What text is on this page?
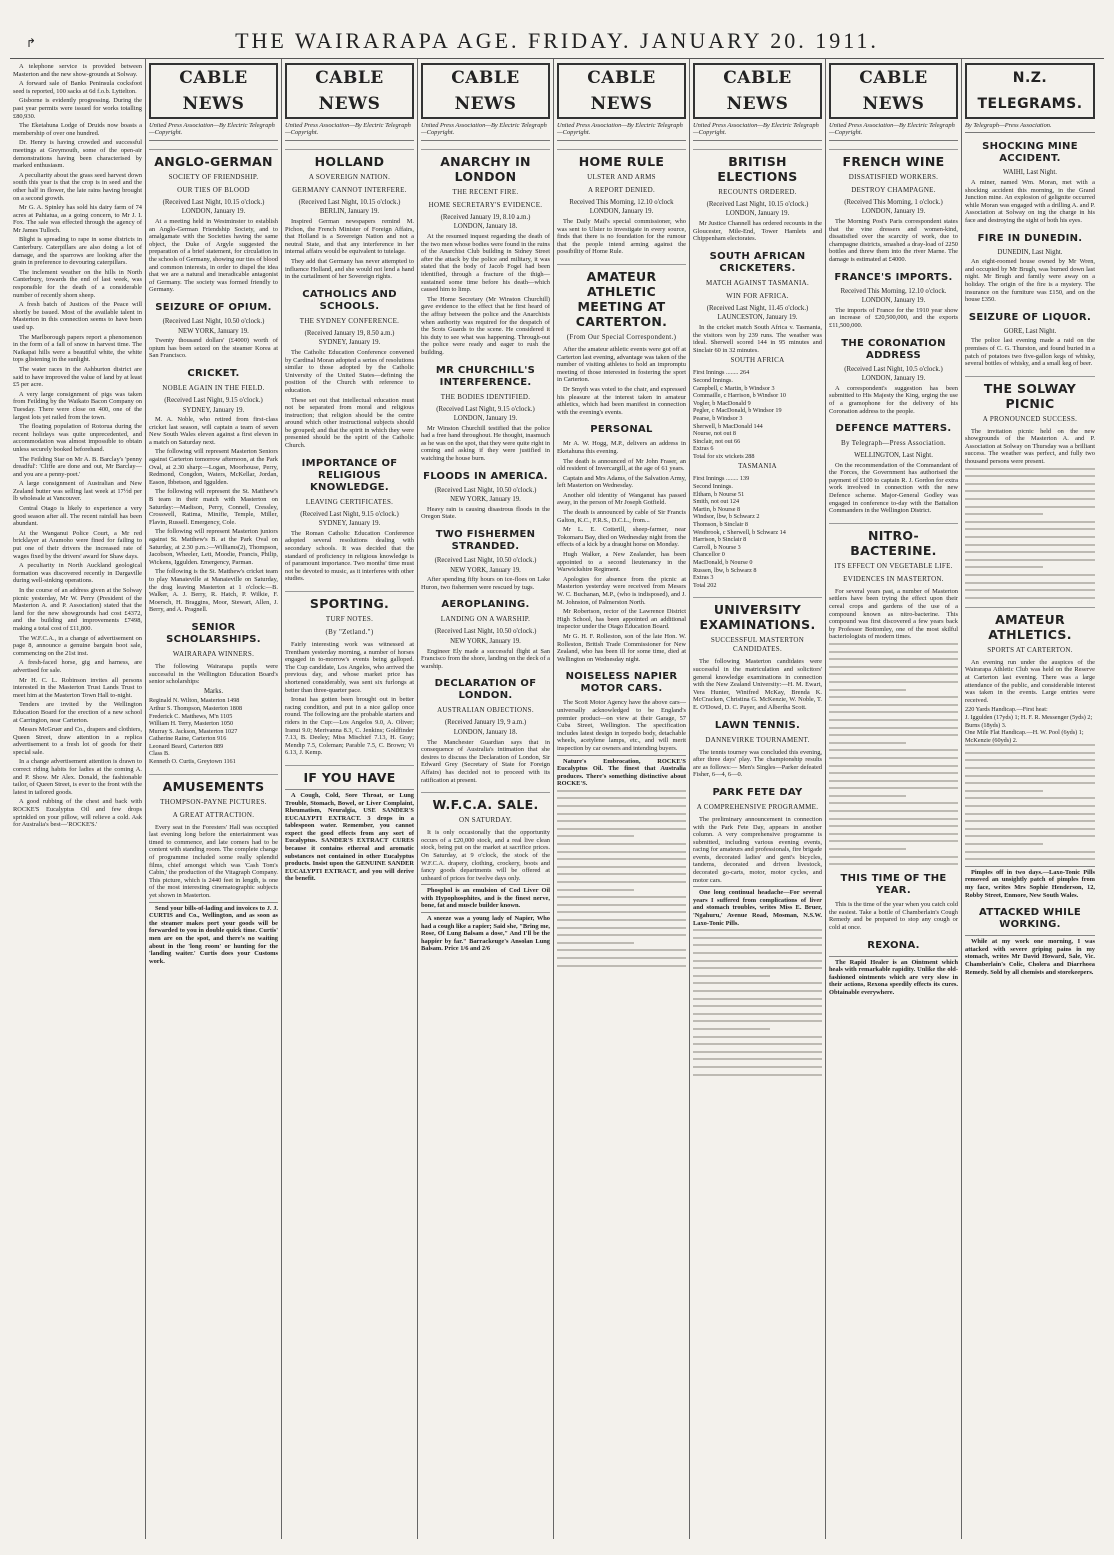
↱	THE WAIRARAPA AGE. FRIDAY. JANUARY 20. 1911.

A telephone service is provided between Masterton and the new show-grounds at Solway.

A forward sale of Banks Peninsula cocksfoot seed is reported, 100 sacks at 6d f.o.b. Lyttelton.

Gisborne is evidently progressing. During the past year permits were issued for works totalling £80,930.

The Eketahuna Lodge of Druids now boasts a membership of over one hundred.

Dr. Henry is having crowded and successful meetings at Greymouth, some of the open-air demonstrations having been characterised by marked enthusiasm.

A peculiarity about the grass seed harvest down south this year is that the crop is in seed and the other half in flower, the late rains having brought on a second growth.

Mr G. A. Spinley has sold his dairy farm of 74 acres at Pahiatua, as a going concern, to Mr J. I. Fox. The sale was effected through the agency of Mr James Tulloch.

Blight is spreading to rape in some districts in Canterbury. Caterpillars are also doing a lot of damage, and the sparrows are looking after the grain in preference to devouring caterpillars.

The inclement weather on the hills in North Canterbury, towards the end of last week, was responsible for the death of a considerable number of recently shorn sheep.

A fresh batch of Justices of the Peace will shortly be issued. Most of the available talent in Masterton in this connection seems to have been used up.

The Marlborough papers report a phenomenon in the form of a fall of snow in harvest time. The Naikapai hills were a beautiful white, the white tops glistening in the sunlight.

The water races in the Ashburton district are said to have improved the value of land by at least £5 per acre.

A very large consignment of pigs was taken from Feilding by the Waikato Bacon Company on Tuesday. There were close on 400, one of the largest lots yet railed from the town.

The floating population of Rotorua during the recent holidays was quite unprecedented, and accommodation was almost impossible to obtain unless securely booked beforehand.

The Feilding Star on Mr A. B. Barclay's 'penny dreadful': 'Cliffe are done and out, Mr Barclay—and you are a penny-poet.'

A large consignment of Australian and New Zealand butter was selling last week at 17½d per lb wholesale at Vancouver.

Central Otago is likely to experience a very good season after all. The recent rainfall has been abundant.

At the Wanganui Police Court, a Mr red bricklayer at Aramoho were fined for failing to put one of their drivers the increased rate of wages fixed by the drivers' award for Shaw days.

A peculiarity in North Auckland geological formation was discovered recently in Dargaville during well-sinking operations.

In the course of an address given at the Solway picnic yesterday, Mr W. Perry (President of the Masterton A. and P. Association) stated that the land for the new showgrounds had cost £4372, and the building and improvements £7498, making a total cost of £11,800.

The W.F.C.A., in a change of advertisement on page 8, announce a genuine bargain boot sale, commencing on the 21st inst.

A fresh-faced horse, gig and harness, are advertised for sale.

Mr H. C. L. Robinson invites all persons interested in the Masterton Trust Lands Trust to meet him at the Masterton Town Hall to-night.

Tenders are invited by the Wellington Education Board for the erection of a new school at Carrington, near Carterton.

Messrs McGruer and Co., drapers and clothiers, Queen Street, draw attention in a replica advertisement to a fresh lot of goods for their special sale.

In a change advertisement attention is drawn to correct riding habits for ladies at the coming A. and P. Show. Mr Alex. Donald, the fashionable tailor, of Queen Street, is ever to the front with the latest in tailored goods.

A good rubbing of the chest and back with ROCKE'S Eucalyptus Oil and few drops sprinkled on your pillow, will relieve a cold. Ask for Australia's best—'ROCKE'S.'

CABLE NEWS
United Press Association—By Electric Telegraph—Copyright.
ANGLO-GERMAN
SOCIETY OF FRIENDSHIP.
OUR TIES OF BLOOD
(Received Last Night, 10.15 o'clock.)
LONDON, January 19.

At a meeting held in Westminster to establish an Anglo-German Friendship Society, and to amalgamate with the Societies having the same object, the Duke of Argyle suggested the preparation of a brief statement, for circulation in the schools of Germany, showing our ties of blood and common interests, in order to dispel the idea that we are a natural and ineradicable antagonist of Germany. The society was formed friendly to Germany.

SEIZURE OF OPIUM.
(Received Last Night, 10.50 o'clock.)
NEW YORK, January 19.

Twenty thousand dollars' (£4000) worth of opium has been seized on the steamer Korea at San Francisco.

CRICKET.
NOBLE AGAIN IN THE FIELD.
(Received Last Night, 9.15 o'clock.)
SYDNEY, January 19.

M. A. Noble, who retired from first-class cricket last season, will captain a team of seven New South Wales eleven against a first eleven in a match on Saturday next.

The following will represent Masterton Seniors against Carterton tomorrow afternoon, at the Park Oval, at 2.30 sharp:—Logan, Moorhouse, Perry, Redmond, Congdon, Waters, McKellar, Jordan, Eason, Ibbetson, and Iggulden.

The following will represent the St. Matthew's B team in their match with Masterton on Saturday:—Madison, Perry, Connell, Cressley, Crosswell, Ratima, Minifie, Temple, Miller, Flavin, Russell. Emergency, Cole.

The following will represent Masterton juniors against St. Matthew's B. at the Park Oval on Saturday, at 2.30 p.m.:—Williams(2), Thompson, Jacobson, Wheeler, Lett, Moodie, Francis, Philip, Wickens, Iggulden. Emergency, Parman.

The following is the St. Matthew's cricket team to play Manaieville at Manaieville on Saturday, the drag leaving Masterton at 1 o'clock:—B. Walker, A. J. Berry, R. Hatch, P. Wilkie, F. Moersch, H. Braggins, Moor, Stewart, Allen, J. Berry, and A. Pragnell.

SENIOR SCHOLARSHIPS.
WAIRARAPA WINNERS.

The following Wairarapa pupils were successful in the Wellington Education Board's senior scholarships:

Marks.
Reginald N. Wilton, Masterton 1498
Arthur S. Thompson, Masterton 1808
Frederick C. Matthews, M'n 1105
William H. Terry, Masterton 1050
Murray S. Jackson, Masterton 1027
Catherine Raine, Carterton 916
Leonard Beard, Carterton 889
Class B.
Kenneth O. Curtis, Greytown 1161
AMUSEMENTS
THOMPSON-PAYNE PICTURES.
A GREAT ATTRACTION.

Every seat in the Foresters' Hall was occupied last evening long before the entertainment was timed to commence, and late comers had to be content with standing room. The complete change of programme included some really splendid films, chief amongst which was 'Cash Tom's Cabin,' the production of the Vitagraph Company. This picture, which is 2440 feet in length, is one of the most interesting cinematographic subjects yet shown in Masterton.

Send your bills-of-lading and invoices to J. J. CURTIS and Co., Wellington, and as soon as the steamer makes port your goods will be forwarded to you in double quick time. Curtis' men are on the spot, and there's no waiting about in the 'long room' or hunting for the 'landing waiter.' Curtis does your Customs work.

CABLE NEWS
United Press Association—By Electric Telegraph—Copyright.
HOLLAND
A SOVEREIGN NATION.
GERMANY CANNOT INTERFERE.
(Received Last Night, 10.15 o'clock.)
BERLIN, January 19.

Inspired German newspapers remind M. Pichon, the French Minister of Foreign Affairs, that Holland is a Sovereign Nation and not a neutral State, and that any interference in her internal affairs would be equivalent to tutelage.

They add that Germany has never attempted to influence Holland, and she would not lend a hand in the curtailment of her Sovereign rights.

CATHOLICS AND SCHOOLS.
THE SYDNEY CONFERENCE.
(Received January 19, 8.50 a.m.)
SYDNEY, January 19.

The Catholic Education Conference convened by Cardinal Moran adopted a series of resolutions similar to those adopted by the Catholic University of the United States—defining the position of the Church with reference to education.

These set out that intellectual education must not be separated from moral and religious instruction; that religion should be the centre around which other instructional subjects should be grouped; and that the spirit in which they were presented should be the spirit of the Catholic Church.

IMPORTANCE OF RELIGIOUS KNOWLEDGE.
LEAVING CERTIFICATES.
(Received Last Night, 9.15 o'clock.)
SYDNEY, January 19.

The Roman Catholic Education Conference adopted several resolutions dealing with secondary schools. It was decided that the standard of proficiency in religious knowledge is of paramount importance. Two months' time must not be devoted to music, as it interferes with other studies.

SPORTING.
TURF NOTES.
(By "Zetland.")

Fairly interesting work was witnessed at Trentham yesterday morning, a number of horses engaged in to-morrow's events being galloped. The Cup candidate, Los Angelos, who arrived the previous day, and whose market price has shortened considerably, was sent six furlongs at better than three-quarter pace.

Ironai has gotten been brought out in better racing condition, and put in a nice gallop once round. The following are the probable starters and riders in the Cup:—Los Angelos 9.0, A. Oliver; Iranui 9.0; Merivanna 8.3, C. Jenkins; Goldfinder 7.13, B. Deeley; Miss Mischief 7.13, H. Gray; Mendip 7.5, Coleman; Parable 7.5, C. Brown; Vi 6.13, J. Kemp.

IF YOU HAVE

A Cough, Cold, Sore Throat, or Lung Trouble, Stomach, Bowel, or Liver Complaint, Rheumatism, Neuralgia, USE SANDER'S EUCALYPTI EXTRACT. 3 drops in a tablespoon water. Remember, you cannot expect the good effects from any sort of Eucalyptus. SANDER'S EXTRACT CURES because it contains ethereal and aromatic substances not contained in other Eucalyptus products. Insist upon the GENUINE SANDER EUCALYPTI EXTRACT, and you will derive the benefit.

CABLE NEWS
United Press Association—By Electric Telegraph—Copyright.
ANARCHY IN LONDON
THE RECENT FIRE.
HOME SECRETARY'S EVIDENCE.
(Received January 19, 8.10 a.m.)
LONDON, January 18.

At the resumed inquest regarding the death of the two men whose bodies were found in the ruins of the Anarchist Club building in Sidney Street after the attack by the police and military, it was stated that the body of Jacob Fogel had been identified, through a fracture of the thigh—sustained some time before his death—which caused him to limp.

The Home Secretary (Mr Winston Churchill) gave evidence to the effect that he first heard of the affray between the police and the Anarchists when authority was required for the despatch of the Scots Guards to the scene. He considered it his duty to see what was happening. Through-out the police were ready and eager to rush the building.

MR CHURCHILL'S INTERFERENCE.
THE BODIES IDENTIFIED.
(Received Last Night, 9.15 o'clock.)
LONDON, January 19.

Mr Winston Churchill testified that the police had a free hand throughout. He thought, inasmuch as he was on the spot, that they were quite right in coming and asking if they were justified in watching the house burn.

FLOODS IN AMERICA.
(Received Last Night, 10.50 o'clock.)
NEW YORK, January 19.

Heavy rain is causing disastrous floods in the Oregon State.

TWO FISHERMEN STRANDED.
(Received Last Night, 10.50 o'clock.)
NEW YORK, January 19.

After spending fifty hours on ice-floes on Lake Huron, two fishermen were rescued by tugs.

AEROPLANING.
LANDING ON A WARSHIP.
(Received Last Night, 10.50 o'clock.)
NEW YORK, January 19.

Engineer Ely made a successful flight at San Francisco from the shore, landing on the deck of a warship.

DECLARATION OF LONDON.
AUSTRALIAN OBJECTIONS.
(Received January 19, 9 a.m.)
LONDON, January 18.

The Manchester Guardian says that in consequence of Australia's intimation that she desires to discuss the Declaration of London, Sir Edward Grey (Secretary of State for Foreign Affairs) has decided not to proceed with its ratification at present.

W.F.C.A. SALE.
ON SATURDAY.

It is only occasionally that the opportunity occurs of a £20,000 stock, and a real live clean stock, being put on the market at sacrifice prices. On Saturday, at 9 o'clock, the stock of the W.F.C.A. drapery, clothing, crockery, boots and fancy goods departments will be offered at unheard of prices for twelve days only.

Phosphol is an emulsion of Cod Liver Oil with Hypophosphites, and is the finest nerve, bone, fat and muscle builder known.

A sneeze was a young lady of Napier, Who had a cough like a rapier; Said she, "Bring me, Rose, Of Lung Balsam a dose," And I'll be the happier by far." Barrackeuge's Ansolan Lung Balsam. Price 1/6 and 2/6

CABLE NEWS
United Press Association—By Electric Telegraph—Copyright.
HOME RULE
ULSTER AND ARMS
A REPORT DENIED.
Received This Morning, 12.10 o'clock
LONDON, January 19.

The Daily Mail's special commissioner, who was sent to Ulster to investigate in every source, finds that there is no foundation for the rumour that the people intend arming against the possibility of Home Rule.

AMATEUR ATHLETIC MEETING AT CARTERTON.
(From Our Special Correspondent.)

After the amateur athletic events were got off at Carterton last evening, advantage was taken of the number of visiting athletes to hold an impromptu meeting of those interested in fostering the sport in Carterton.

Dr Smyth was voted to the chair, and expressed his pleasure at the interest taken in amateur athletics, which had been manifest in connection with the evening's events.

PERSONAL

Mr A. W. Hogg, M.P., delivers an address in Eketahuna this evening.

The death is announced of Mr John Fraser, an old resident of Invercargill, at the age of 61 years.

Captain and Mrs Adams, of the Salvation Army, left Masterton on Wednesday.

Another old identity of Wanganui has passed away, in the person of Mr Joseph Gotfield.

The death is announced by cable of Sir Francis Galton, K.C., F.R.S., D.C.L., from...

Mr L. E. Cotterill, sheep-farmer, near Tokomaru Bay, died on Wednesday night from the effects of a kick by a draught horse on Monday.

Hugh Walker, a New Zealander, has been appointed to a second lieutenancy in the Warwickshire Regiment.

Apologies for absence from the picnic at Masterton yesterday were received from Messrs W. C. Buchanan, M.P., (who is indisposed), and J. M. Johnston, of Palmerston North.

Mr Robertson, rector of the Lawrence District High School, has been appointed an additional inspector under the Otago Education Board.

Mr G. H. F. Rolleston, son of the late Hon. W. Rolleston, British Trade Commissioner for New Zealand, who has been ill for some time, died at Wellington on Wednesday night.

NOISELESS NAPIER MOTOR CARS.

The Scott Motor Agency have the above cars—universally acknowledged to be England's premier product—on view at their Garage, 57 Cuba Street, Wellington. The specification includes latest design in torpedo body, detachable wheels, acetylene lamps, etc., and will merit inspection by car owners and intending buyers.

Nature's Embrocation, ROCKE'S Eucalyptus Oil. The finest that Australia produces. There's something distinctive about ROCKE'S.

CABLE NEWS
United Press Association—By Electric Telegraph—Copyright.
BRITISH ELECTIONS
RECOUNTS ORDERED.
(Received Last Night, 10.15 o'clock.)
LONDON, January 19.

Mr Justice Channell has ordered recounts in the Gloucester, Mile-End, Tower Hamlets and Chippenham electorates.

SOUTH AFRICAN CRICKETERS.
MATCH AGAINST TASMANIA.
WIN FOR AFRICA.
(Received Last Night, 11.45 o'clock.)
LAUNCESTON, January 19.

In the cricket match South Africa v. Tasmania, the visitors won by 239 runs. The weather was ideal. Sherwell scored 144 in 95 minutes and Sinclair 60 in 32 minutes.

SOUTH AFRICA
First Innings ........ 264
Second Innings.
Campbell, c Martin, b Windsor 3
Commaille, c Harrison, b Windsor 10
Vogler, b MacDonald 9
Pegler, c MacDonald, b Windsor 19
Pearse, b Windsor 3
Sherwell, b MacDonald 144
Nourse, not out 8
Sinclair, not out 66
Extras 6
Total for six wickets 288
TASMANIA
First Innings ........ 139
Second Innings.
Eltham, b Nourse 51
Smith, not out 124
Martin, b Nourse 8
Windsor, lbw, b Schwarz 2
Thomson, b Sinclair 8
Westbrook, c Sherwell, b Schwarz 14
Harrison, b Sinclair 8
Carroll, b Nourse 3
Chancellor 0
MacDonald, b Nourse 0
Russen, lbw, b Schwarz 8
Extras 3
Total 202
UNIVERSITY EXAMINATIONS.
SUCCESSFUL MASTERTON CANDIDATES.

The following Masterton candidates were successful in the matriculation and solicitors' general knowledge examinations in connection with the New Zealand University:—H. M. Ewart, Vera Hunter, Winifred McKay, Brenda K. McCracken, Christina G. McKenzie, W. Noble, T. E. O'Dowd, D. C. Payer, and Albertha Scott.

LAWN TENNIS.
DANNEVIRKE TOURNAMENT.

The tennis tourney was concluded this evening, after three days' play. The championship results are as follows:— Men's Singles—Parker defeated Fisher, 6—4, 6—0.

PARK FETE DAY
A COMPREHENSIVE PROGRAMME.

The preliminary announcement in connection with the Park Fete Day, appears in another column. A very comprehensive programme is submitted, including various evening events, racing for amateurs and professionals, fire brigade events, decorated ladies' and gent's bicycles, tandems, decorated and driven livestock, decorated go-carts, motor, motor cycles, and motor cars.

One long continual headache—For several years I suffered from complications of liver and stomach troubles, writes Miss E. Bruer, 'Ngahuru,' Avenue Road, Mosman, N.S.W. Laxo-Tonic Pills.

CABLE NEWS
United Press Association—By Electric Telegraph—Copyright.
FRENCH WINE
DISSATISFIED WORKERS.
DESTROY CHAMPAGNE.
(Received This Morning, 1 o'clock.)
LONDON, January 19.

The Morning Post's Paris correspondent states that the vine dressers and women-kind, dissatisfied over the scarcity of work, due to champagne districts, smashed a dray-load of 2250 bottles and threw them into the river Marne. The damage is estimated at £4000.

FRANCE'S IMPORTS.
Received This Morning, 12.10 o'clock.
LONDON, January 19.

The imports of France for the 1910 year show an increase of £20,500,000, and the exports £11,500,000.

THE CORONATION ADDRESS
(Received Last Night, 10.5 o'clock.)
LONDON, January 19.

A correspondent's suggestion has been submitted to His Majesty the King, urging the use of a gramophone for the delivery of his Coronation address to the people.

DEFENCE MATTERS.
By Telegraph—Press Association.
WELLINGTON, Last Night.

On the recommendation of the Commandant of the Forces, the Government has authorised the payment of £100 to captain R. J. Gordon for extra work involved in connection with the new Defence scheme. Major-General Godley was engaged in conference to-day with the Battalion Commanders in the Wellington District.

NITRO-BACTERINE.
ITS EFFECT ON VEGETABLE LIFE.
EVIDENCES IN MASTERTON.

For several years past, a number of Masterton settlers have been trying the effect upon their cereal crops and gardens of the use of a compound known as nitro-bacterine. This compound was first discovered a few years back by Professor Bottomley, one of the most skilful bacteriologists of modern times.

THIS TIME OF THE YEAR.

This is the time of the year when you catch cold the easiest. Take a bottle of Chamberlain's Cough Remedy and be prepared to stop any cough or cold at once.

REXONA.

The Rapid Healer is an Ointment which heals with remarkable rapidity. Unlike the old-fashioned ointments which are very slow in their actions, Rexona speedily effects its cures. Obtainable everywhere.

N.Z. TELEGRAMS.
By Telegraph—Press Association.
SHOCKING MINE ACCIDENT.
WAIHI, Last Night.

A miner, named Wm. Moran, met with a shocking accident this morning, in the Grand Junction mine. An explosion of gelignite occurred while Moran was engaged with a drilling A. and P. Association at Solway on ing the charge in his face and destroying the sight of both his eyes.

FIRE IN DUNEDIN.
DUNEDIN, Last Night.

An eight-roomed house owned by Mr Wren, and occupied by Mr Brugh, was burned down last night. Mr Brugh and family were away on a holiday. The origin of the fire is a mystery. The insurance on the furniture was £150, and on the house £350.

SEIZURE OF LIQUOR.
GORE, Last Night.

The police last evening made a raid on the premises of C. G. Thurston, and found buried in a patch of potatoes two five-gallon kegs of whisky, several bottles of whisky, and a small keg of beer.

THE SOLWAY PICNIC
A PRONOUNCED SUCCESS.

The invitation picnic held on the new showgrounds of the Masterton A. and P. Association at Solway on Thursday was a brilliant success. The weather was perfect, and fully two thousand persons were present.

AMATEUR ATHLETICS.
SPORTS AT CARTERTON.

An evening run under the auspices of the Wairarapa Athletic Club was held on the Reserve at Carterton last evening. There was a large attendance of the public, and considerable interest was taken in the events. Large entries were received.

220 Yards Handicap.—First heat:
J. Iggulden (17yds) 1; H. F. R. Messenger (5yds) 2; Burns (18yds) 3.
One Mile Flat Handicap.—H. W. Pool (6yds) 1; McKenzie (60yds) 2.

Pimples off in two days.—Laxo-Tonic Pills removed an unsightly patch of pimples from my face, writes Mrs Sophie Henderson, 12, Robby Street, Enmore, New South Wales.

ATTACKED WHILE WORKING.

While at my work one morning, I was attacked with severe griping pains in my stomach, writes Mr David Howard, Sale, Vic. Chamberlain's Colic, Cholera and Diarrhoea Remedy. Sold by all chemists and storekeepers.
